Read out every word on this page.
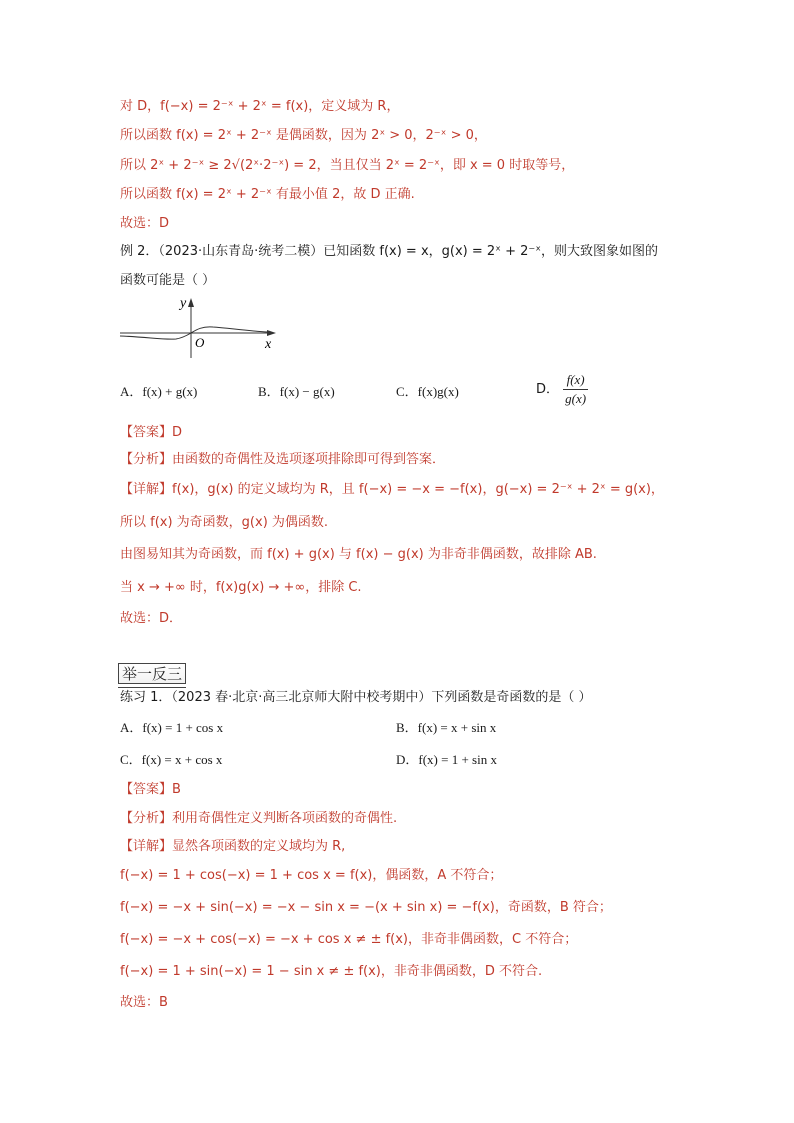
对 D，f(−x) = 2⁻ˣ + 2ˣ = f(x)，定义域为 R，
所以函数 f(x) = 2ˣ + 2⁻ˣ 是偶函数，因为 2ˣ > 0，2⁻ˣ > 0，
所以 2ˣ + 2⁻ˣ ≥ 2√(2ˣ·2⁻ˣ) = 2，当且仅当 2ˣ = 2⁻ˣ，即 x = 0 时取等号，
所以函数 f(x) = 2ˣ + 2⁻ˣ 有最小值 2，故 D 正确.
故选：D
例 2．（2023·山东青岛·统考二模）已知函数 f(x) = x，g(x) = 2ˣ + 2⁻ˣ，则大致图象如图的
函数可能是（ ）
y
x
O
A．f(x) + g(x)	B．f(x) − g(x)	C．f(x)g(x)	D． $\frac{f(x)}{g(x)}$
【答案】D
【分析】由函数的奇偶性及选项逐项排除即可得到答案．
【详解】f(x)，g(x) 的定义域均为 R，且 f(−x) = −x = −f(x)，g(−x) = 2⁻ˣ + 2ˣ = g(x)，
所以 f(x) 为奇函数，g(x) 为偶函数.
由图易知其为奇函数，而 f(x) + g(x) 与 f(x) − g(x) 为非奇非偶函数，故排除 AB.
当 x → +∞ 时，f(x)g(x) → +∞，排除 C.
故选：D．
举一反三
练习 1．（2023 春·北京·高三北京师大附中校考期中）下列函数是奇函数的是（ ）
A．f(x) = 1 + cos x	B．f(x) = x + sin x
C．f(x) = x + cos x	D．f(x) = 1 + sin x
【答案】B
【分析】利用奇偶性定义判断各项函数的奇偶性.
【详解】显然各项函数的定义域均为 R,
f(−x) = 1 + cos(−x) = 1 + cos x = f(x)，偶函数，A 不符合；
f(−x) = −x + sin(−x) = −x − sin x = −(x + sin x) = −f(x)，奇函数，B 符合；
f(−x) = −x + cos(−x) = −x + cos x ≠ ± f(x)，非奇非偶函数，C 不符合；
f(−x) = 1 + sin(−x) = 1 − sin x ≠ ± f(x)，非奇非偶函数，D 不符合.
故选：B
